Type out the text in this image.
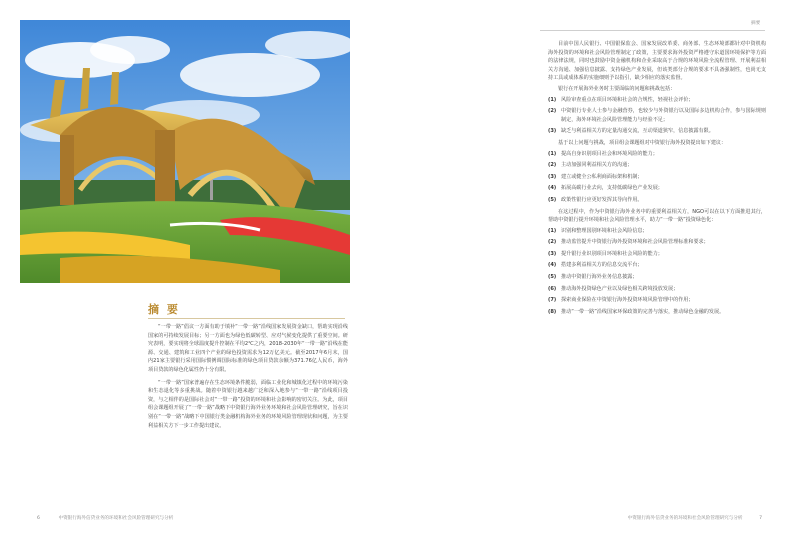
摘 要

“一带一路”倡议一方面有助于填补“一带一路”沿线国家发展资金缺口，帮助实现沿线国家的可持续发展目标；另一方面也为绿色低碳转型、应对气候变化提供了重要空间。研究表明，要实现将全球温度提升控制在平均2℃之内，2018-2030年“一带一路”沿线在能源、交通、建筑和工业四个产业的绿色投资需求为12万亿美元。截至2017年6月末，国内21家主要银行采用国际惯例调国际标准的绿色项目贷款余额为371.76亿人民币，海外项目贷款的绿色化属性仍十分有限。

“一带一路”国家普遍存在生态环境条件脆弱，面临工业化和城镇化过程中的环境污染和生态退化等多重挑战。随着中资银行越来越广泛和深入地参与“一带一路”沿线项目投资，与之相伴的是国际社会对“一带一路”投资的环境和社会影响的密切关注。为此，项目组会课题组开展了“一带一路”战略下中资银行海外业务环境和社会风险管理研究，旨在识别在“一带一路”战略下中国银行类金融机构海外业务的环境风险管理现状和问题，为主要利益相关方下一步工作提出建议。

6	中资银行海外信贷业务的环境和社会风险管理研究与分析
摘要

目前中国人民银行、中国银保监会、国家发展改革委、商务部、生态环境部都针对中资机构海外投资的环境和社会风险管理制定了政策，主要要求海外投资严格遵守东道国环境保护等方面的法律法规，同时也鼓励中资金融机构和企业采取高于合规的环境风险全流程管理、开展利益相关方沟通、加强信息披露、支持绿色产业发展，但该类部分合规的要求不具备强制性，也尚无支持工具或成体系的实施细则予以指引，缺少相应的落实监督。

银行在开展海外业务时主要面临的问题和挑战包括：

(1) 风险审查重点在项目环境和社会的合规性，轻视社会评价；
(2) 中资银行专业人士参与金融营券，也较少与外资银行以及国际多边机构合作，参与国际规则制定，海外环境社会风险管理能力与经验不足；
(3) 缺乏与利益相关方的定量沟通交流，互动渠道狭窄，信息披露有限。

基于以上问题与挑战，项目组会课题组对中资银行海外投资提出如下建议：

(1) 提高自身识别项目社会和环境风险的能力；
(2) 主动加强同利益相关方的沟通；
(3) 建立或健全公私利商面标架和机制；
(4) 拓展高碳行业去向，支持低碳绿色产业发展；
(5) 政策性银行应更好发挥其导向作用。

在这过程中，作为中资银行海外业务中的重要利益相关方，NGO可以在以下方面推进其行，帮助中资银行提升环境和社会风险管理水平，助力“一带一路”投资绿色化：

(1) 识别和整理国别环境和社会风险信息；
(2) 推动监管提升中资银行海外投资环境和社会风险管理标准和要求；
(3) 提升银行业识别项目环境和社会风险的能力；
(4) 搭建多利益相关方的信息交流平台；
(5) 推动中资银行海外业务信息披露；
(6) 推动海外投资绿色产业以及绿色相关跨境投放发展；
(7) 探索商业保险在中资银行海外投资环境风险管理中的作用；
(8) 推动“一带一路”沿线国家环保政策的完善与落实，推动绿色金融的发展。
中资银行海外信贷业务的环境和社会风险管理研究与分析	7
